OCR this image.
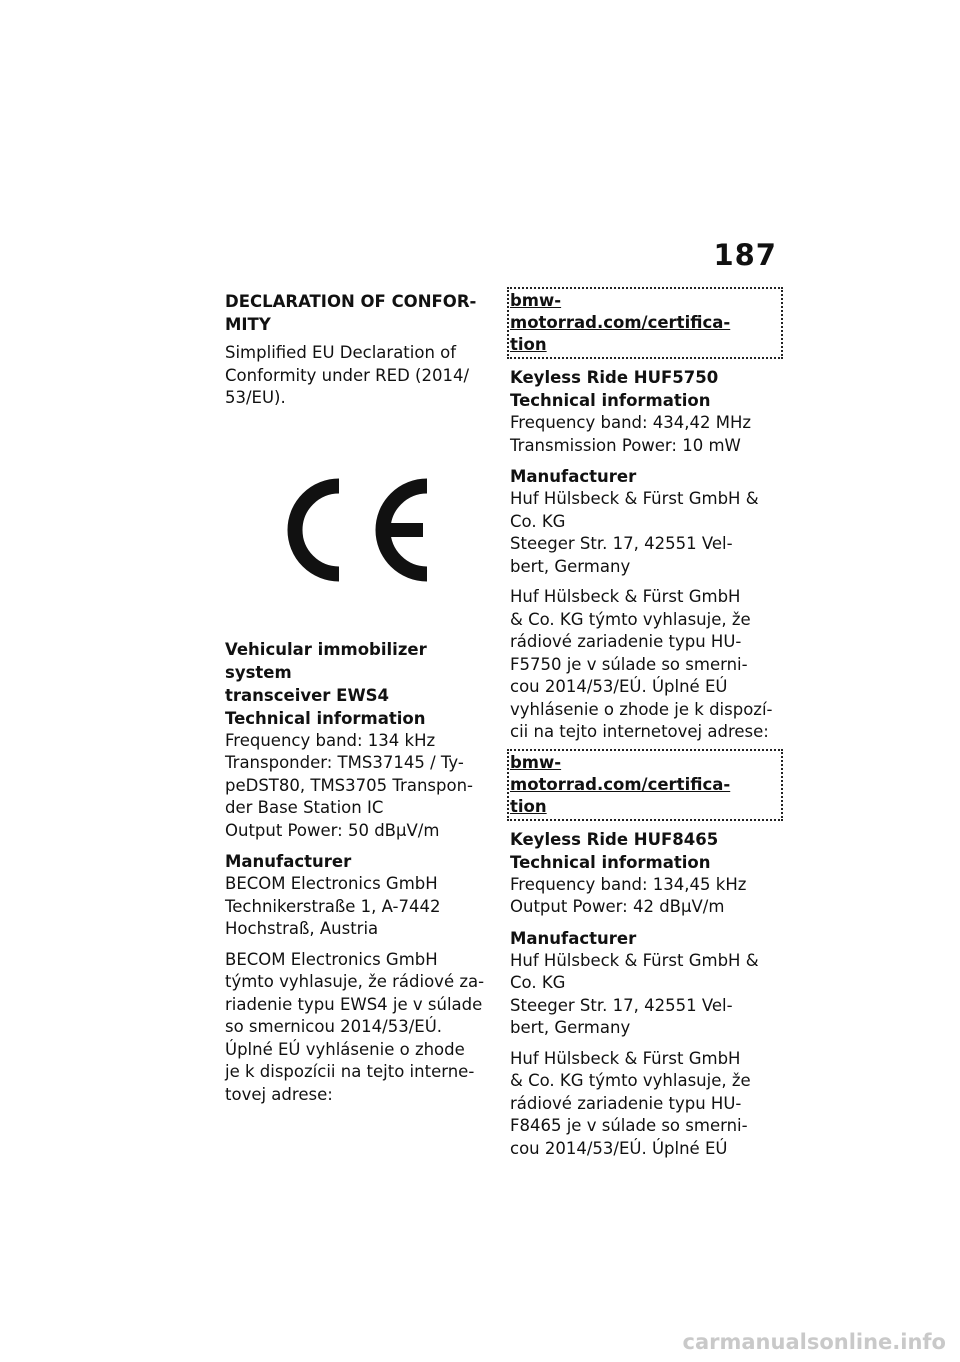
187
DECLARATION OF CONFOR-
MITY
Simplified EU Declaration of
Conformity under RED (2014/
53/EU).
Vehicular immobilizer system
transceiver EWS4
Technical information
Frequency band: 134 kHz
Transponder: TMS37145 / Ty-
peDST80, TMS3705 Transpon-
der Base Station IC
Output Power: 50 dBμV/m
Manufacturer
BECOM Electronics GmbH
Technikerstraße 1, A-7442
Hochstraß, Austria
BECOM Electronics GmbH
týmto vyhlasuje, že rádiové za-
riadenie typu EWS4 je v súlade
so smernicou 2014/53/EÚ.
Úplné EÚ vyhlásenie o zhode
je k dispozícii na tejto interne-
tovej adrese:
bmw-motorrad.com/certifica-
tion
Keyless Ride HUF5750
Technical information
Frequency band: 434,42 MHz
Transmission Power: 10 mW
Manufacturer
Huf Hülsbeck & Fürst GmbH &
Co. KG
Steeger Str. 17, 42551 Vel-
bert, Germany
Huf Hülsbeck & Fürst GmbH
& Co. KG týmto vyhlasuje, že
rádiové zariadenie typu HU-
F5750 je v súlade so smerni-
cou 2014/53/EÚ. Úplné EÚ
vyhlásenie o zhode je k dispozí-
cii na tejto internetovej adrese:
bmw-motorrad.com/certifica-
tion
Keyless Ride HUF8465
Technical information
Frequency band: 134,45 kHz
Output Power: 42 dBμV/m
Manufacturer
Huf Hülsbeck & Fürst GmbH &
Co. KG
Steeger Str. 17, 42551 Vel-
bert, Germany
Huf Hülsbeck & Fürst GmbH
& Co. KG týmto vyhlasuje, že
rádiové zariadenie typu HU-
F8465 je v súlade so smerni-
cou 2014/53/EÚ. Úplné EÚ
carmanualsonline.info
